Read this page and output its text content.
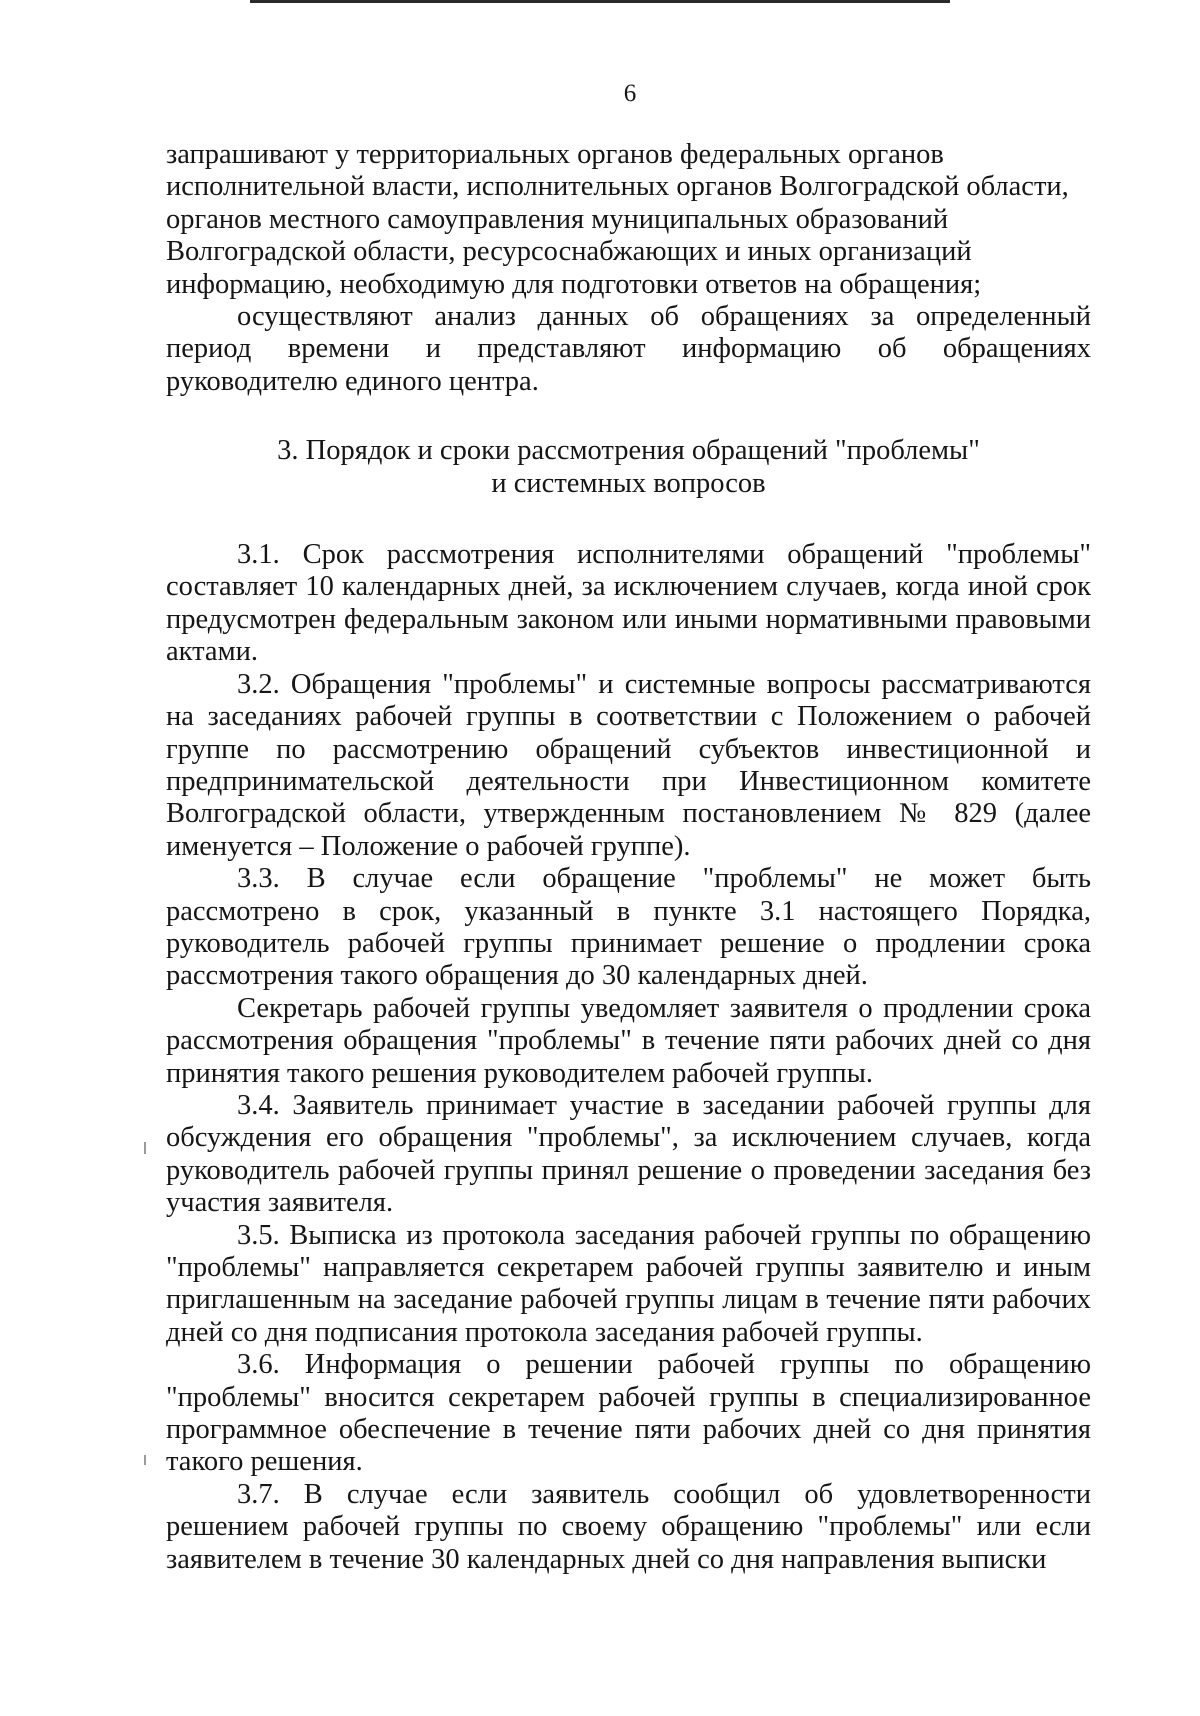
6

запрашивают у территориальных органов федеральных органов исполнительной власти, исполнительных органов Волгоградской области, органов местного самоуправления муниципальных образований Волгоградской области, ресурсоснабжающих и иных организаций информацию, необходимую для подготовки ответов на обращения;

осуществляют анализ данных об обращениях за определенный период времени и представляют информацию об обращениях руководителю единого центра.

3. Порядок и сроки рассмотрения обращений "проблемы"
и системных вопросов

3.1. Срок рассмотрения исполнителями обращений "проблемы" составляет 10 календарных дней, за исключением случаев, когда иной срок предусмотрен федеральным законом или иными нормативными правовыми актами.

3.2. Обращения "проблемы" и системные вопросы рассматриваются на заседаниях рабочей группы в соответствии с Положением о рабочей группе по рассмотрению обращений субъектов инвестиционной и предпринимательской деятельности при Инвестиционном комитете Волгоградской области, утвержденным постановлением № 829 (далее именуется – Положение о рабочей группе).

3.3. В случае если обращение "проблемы" не может быть рассмотрено в срок, указанный в пункте 3.1 настоящего Порядка, руководитель рабочей группы принимает решение о продлении срока рассмотрения такого обращения до 30 календарных дней.

Секретарь рабочей группы уведомляет заявителя о продлении срока рассмотрения обращения "проблемы" в течение пяти рабочих дней со дня принятия такого решения руководителем рабочей группы.

3.4. Заявитель принимает участие в заседании рабочей группы для обсуждения его обращения "проблемы", за исключением случаев, когда руководитель рабочей группы принял решение о проведении заседания без участия заявителя.

3.5. Выписка из протокола заседания рабочей группы по обращению "проблемы" направляется секретарем рабочей группы заявителю и иным приглашенным на заседание рабочей группы лицам в течение пяти рабочих дней со дня подписания протокола заседания рабочей группы.

3.6. Информация о решении рабочей группы по обращению "проблемы" вносится секретарем рабочей группы в специализированное программное обеспечение в течение пяти рабочих дней со дня принятия такого решения.

3.7. В случае если заявитель сообщил об удовлетворенности решением рабочей группы по своему обращению "проблемы" или если заявителем в течение 30 календарных дней со дня направления выписки
